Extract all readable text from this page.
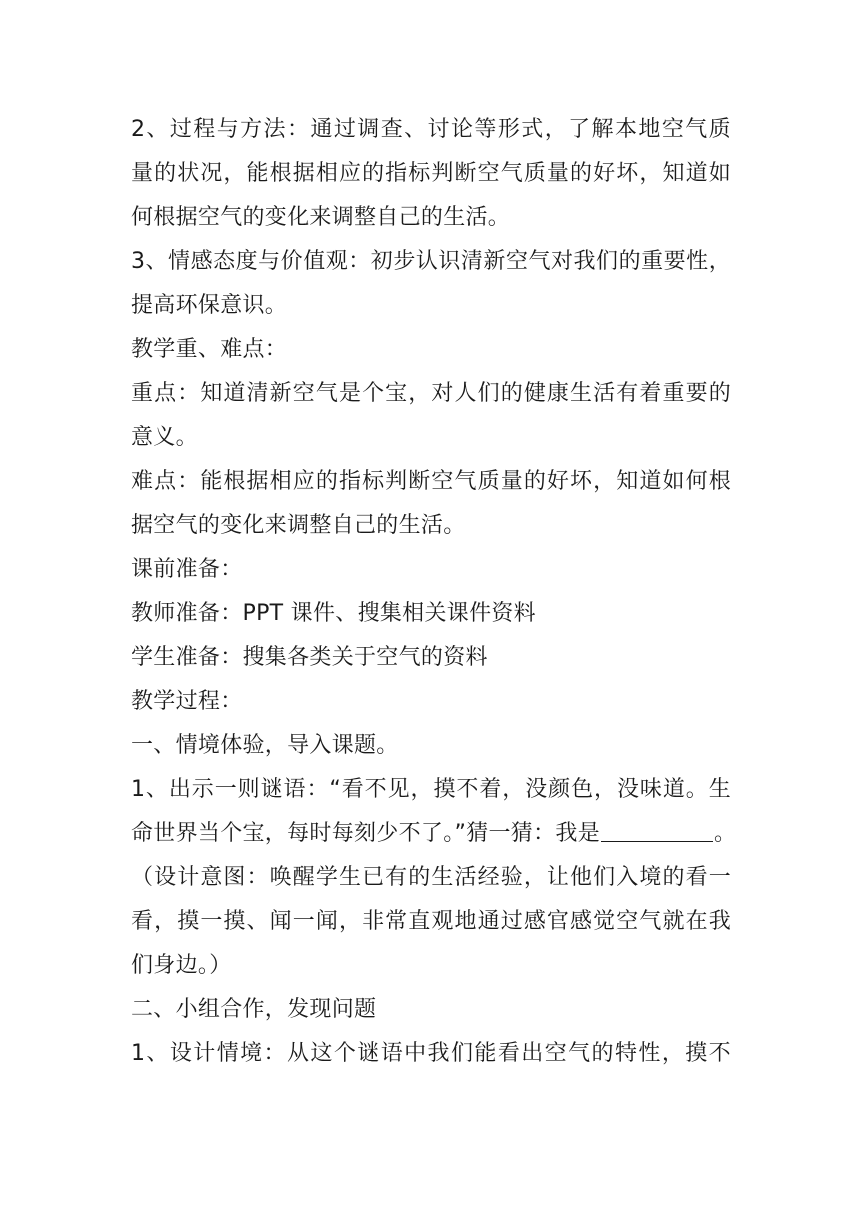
2、过程与方法：通过调查、讨论等形式，了解本地空气质
量的状况，能根据相应的指标判断空气质量的好坏，知道如
何根据空气的变化来调整自己的生活。
3、情感态度与价值观：初步认识清新空气对我们的重要性，
提高环保意识。
教学重、难点：
重点：知道清新空气是个宝，对人们的健康生活有着重要的
意义。
难点：能根据相应的指标判断空气质量的好坏，知道如何根
据空气的变化来调整自己的生活。
课前准备：
教师准备：PPT 课件、搜集相关课件资料
学生准备：搜集各类关于空气的资料
教学过程：
一、情境体验，导入课题。
1、出示一则谜语：“看不见，摸不着，没颜色，没味道。生
命世界当个宝，每时每刻少不了。”猜一猜：我是	。
（设计意图：唤醒学生已有的生活经验，让他们入境的看一
看，摸一摸、闻一闻，非常直观地通过感官感觉空气就在我
们身边。）
二、小组合作，发现问题
1、设计情境：从这个谜语中我们能看出空气的特性，摸不
